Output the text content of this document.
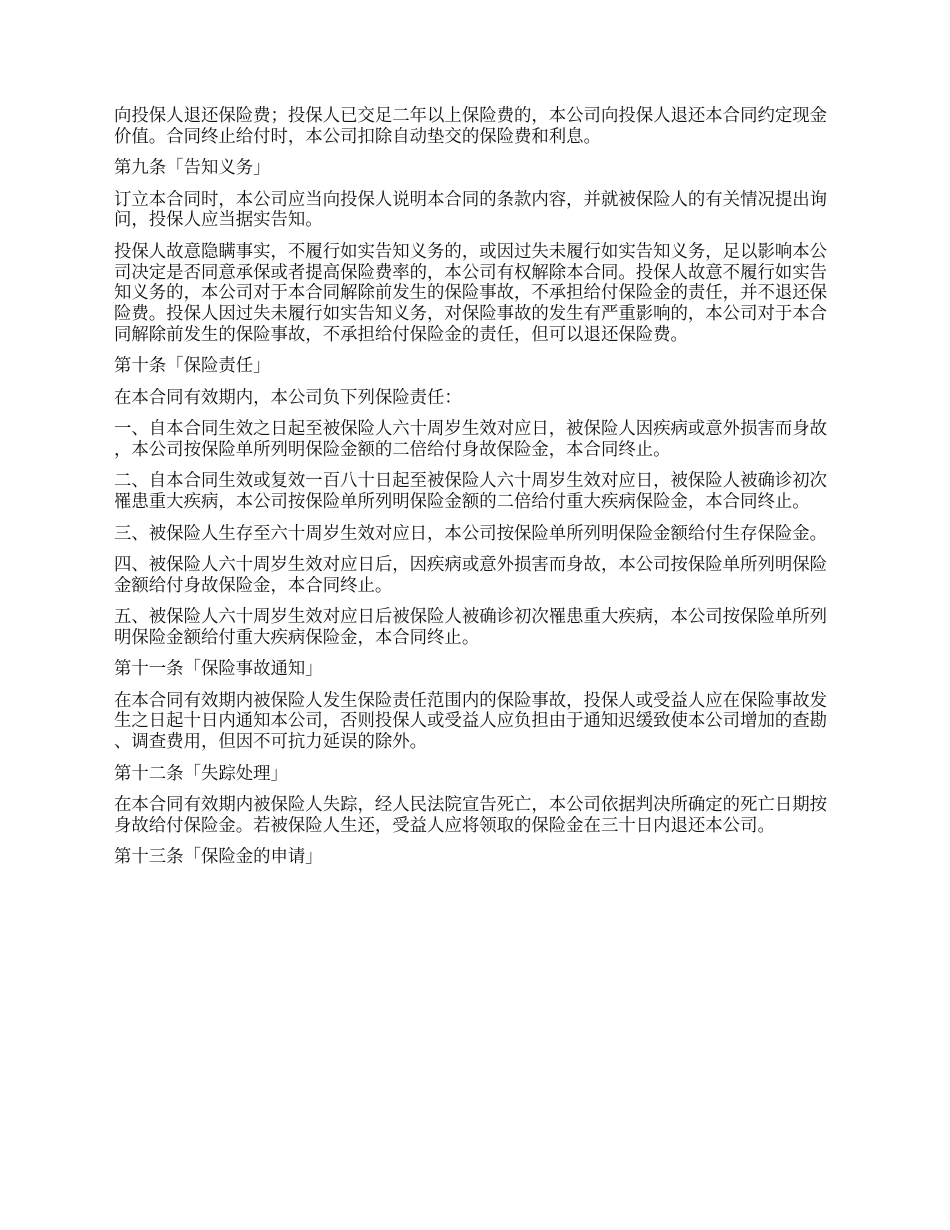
向投保人退还保险费；投保人已交足二年以上保险费的，本公司向投保人退还本合同约定现金价值。合同终止给付时，本公司扣除自动垫交的保险费和利息。

第九条「告知义务」

订立本合同时，本公司应当向投保人说明本合同的条款内容，并就被保险人的有关情况提出询问，投保人应当据实告知。

投保人故意隐瞒事实，不履行如实告知义务的，或因过失未履行如实告知义务，足以影响本公司决定是否同意承保或者提高保险费率的，本公司有权解除本合同。投保人故意不履行如实告知义务的，本公司对于本合同解除前发生的保险事故，不承担给付保险金的责任，并不退还保险费。投保人因过失未履行如实告知义务，对保险事故的发生有严重影响的，本公司对于本合同解除前发生的保险事故，不承担给付保险金的责任，但可以退还保险费。

第十条「保险责任」

在本合同有效期内，本公司负下列保险责任：

一、自本合同生效之日起至被保险人六十周岁生效对应日，被保险人因疾病或意外损害而身故，本公司按保险单所列明保险金额的二倍给付身故保险金，本合同终止。

二、自本合同生效或复效一百八十日起至被保险人六十周岁生效对应日，被保险人被确诊初次罹患重大疾病，本公司按保险单所列明保险金额的二倍给付重大疾病保险金，本合同终止。

三、被保险人生存至六十周岁生效对应日，本公司按保险单所列明保险金额给付生存保险金。

四、被保险人六十周岁生效对应日后，因疾病或意外损害而身故，本公司按保险单所列明保险金额给付身故保险金，本合同终止。

五、被保险人六十周岁生效对应日后被保险人被确诊初次罹患重大疾病，本公司按保险单所列明保险金额给付重大疾病保险金，本合同终止。

第十一条「保险事故通知」

在本合同有效期内被保险人发生保险责任范围内的保险事故，投保人或受益人应在保险事故发生之日起十日内通知本公司，否则投保人或受益人应负担由于通知迟缓致使本公司增加的查勘、调查费用，但因不可抗力延误的除外。

第十二条「失踪处理」

在本合同有效期内被保险人失踪，经人民法院宣告死亡，本公司依据判决所确定的死亡日期按身故给付保险金。若被保险人生还，受益人应将领取的保险金在三十日内退还本公司。

第十三条「保险金的申请」
